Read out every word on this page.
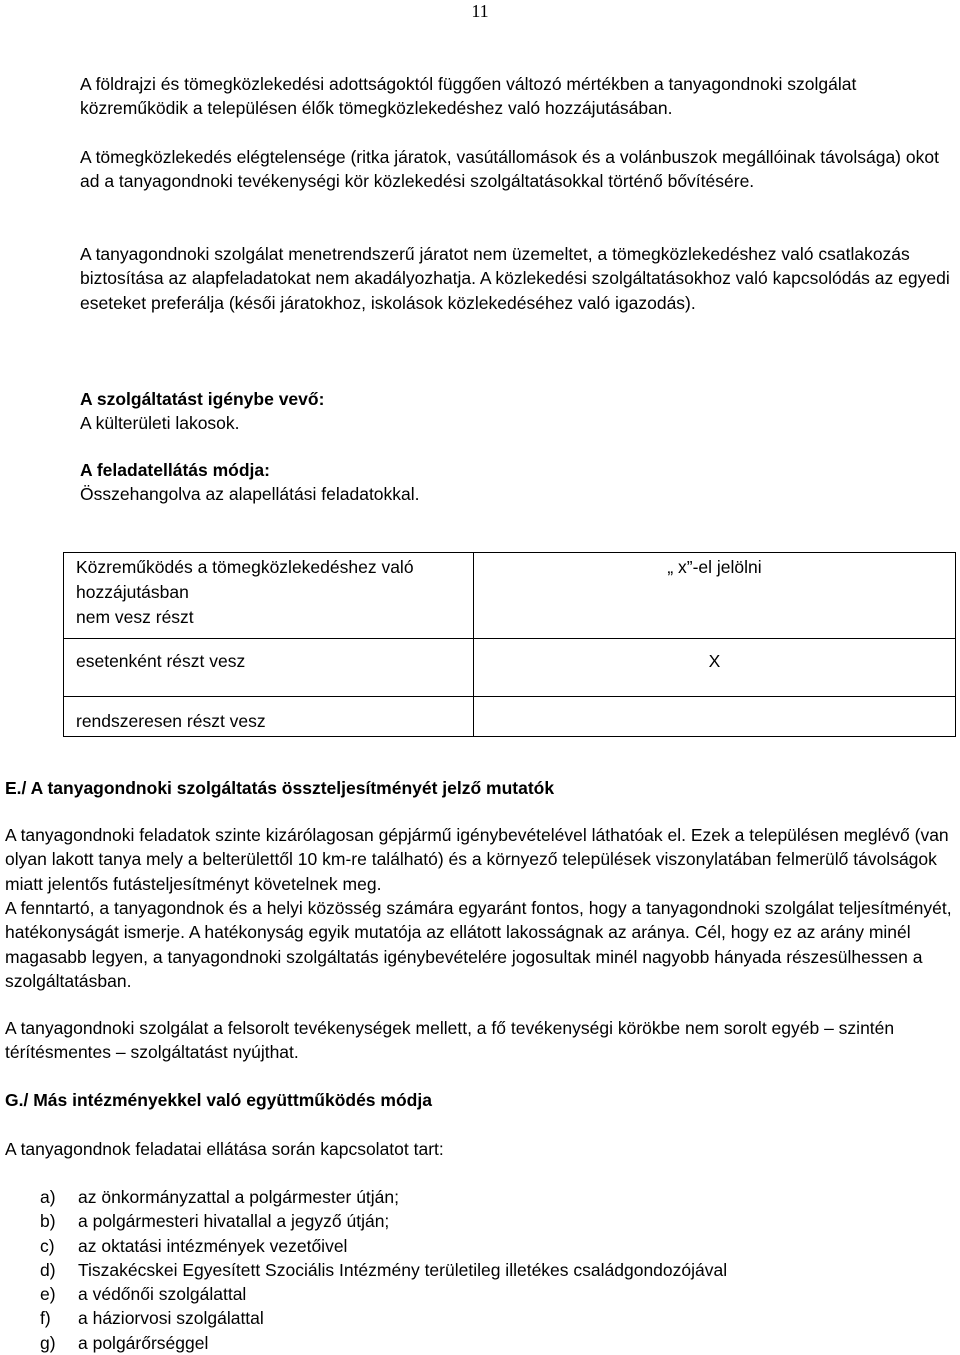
11

A földrajzi és tömegközlekedési adottságoktól függően változó mértékben a tanyagondnoki szolgálat közreműködik a településen élők tömegközlekedéshez való hozzájutásában.

A tömegközlekedés elégtelensége (ritka járatok, vasútállomások és a volánbuszok megállóinak távolsága) okot ad a tanyagondnoki tevékenységi kör közlekedési szolgáltatásokkal történő bővítésére.

A tanyagondnoki szolgálat menetrendszerű járatot nem üzemeltet, a tömegközlekedéshez való csatlakozás biztosítása az alapfeladatokat nem akadályozhatja. A közlekedési szolgáltatásokhoz való kapcsolódás az egyedi eseteket preferálja (késői járatokhoz, iskolások közlekedéséhez való igazodás).

A szolgáltatást igénybe vevő:

A külterületi lakosok.

A feladatellátás módja:

Összehangolva az alapellátási feladatokkal.

Közreműködés a tömegközlekedéshez való hozzájutásban
nem vesz részt	„ x”-el jelölni
esetenként részt vesz	X
rendszeresen részt vesz	

E./ A tanyagondnoki szolgáltatás összteljesítményét jelző mutatók

A tanyagondnoki feladatok szinte kizárólagosan gépjármű igénybevételével láthatóak el. Ezek a településen meglévő (van olyan lakott tanya mely a belterülettől 10 km-re található) és a környező települések viszonylatában felmerülő távolságok miatt jelentős futásteljesítményt követelnek meg.

A fenntartó, a tanyagondnok és a helyi közösség számára egyaránt fontos, hogy a tanyagondnoki szolgálat teljesítményét, hatékonyságát ismerje. A hatékonyság egyik mutatója az ellátott lakosságnak az aránya. Cél, hogy ez az arány minél magasabb legyen, a tanyagondnoki szolgáltatás igénybevételére jogosultak minél nagyobb hányada részesülhessen a szolgáltatásban.

A tanyagondnoki szolgálat a felsorolt tevékenységek mellett, a fő tevékenységi körökbe nem sorolt egyéb – szintén térítésmentes – szolgáltatást nyújthat.

G./ Más intézményekkel való együttműködés módja

A tanyagondnok feladatai ellátása során kapcsolatot tart:

a)	az önkormányzattal a polgármester útján;
b)	a polgármesteri hivatallal a jegyző útján;
c)	az oktatási intézmények vezetőivel
d)	Tiszakécskei Egyesített Szociális Intézmény területileg illetékes családgondozójával
e)	a védőnői szolgálattal
f)	a háziorvosi szolgálattal
g)	a polgárőrséggel
